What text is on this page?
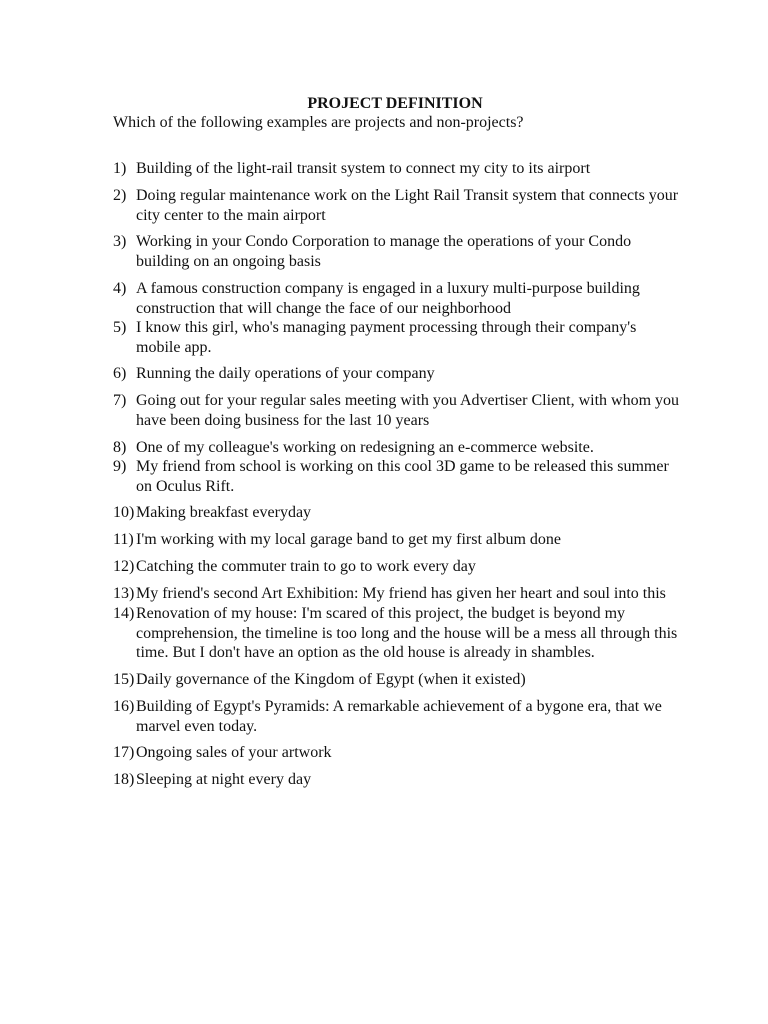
PROJECT DEFINITION
Which of the following examples are projects and non-projects?
1) Building of the light-rail transit system to connect my city to its airport
2) Doing regular maintenance work on the Light Rail Transit system that connects your city center to the main airport
3) Working in your Condo Corporation to manage the operations of your Condo building on an ongoing basis
4) A famous construction company is engaged in a luxury multi-purpose building construction that will change the face of our neighborhood
5) I know this girl, who's managing payment processing through their company's mobile app.
6) Running the daily operations of your company
7) Going out for your regular sales meeting with you Advertiser Client, with whom you have been doing business for the last 10 years
8) One of my colleague's working on redesigning an e-commerce website.
9) My friend from school is working on this cool 3D game to be released this summer on Oculus Rift.
10) Making breakfast everyday
11) I'm working with my local garage band to get my first album done
12) Catching the commuter train to go to work every day
13) My friend's second Art Exhibition: My friend has given her heart and soul into this
14) Renovation of my house: I'm scared of this project, the budget is beyond my comprehension, the timeline is too long and the house will be a mess all through this time. But I don't have an option as the old house is already in shambles.
15) Daily governance of the Kingdom of Egypt (when it existed)
16) Building of Egypt's Pyramids: A remarkable achievement of a bygone era, that we marvel even today.
17) Ongoing sales of your artwork
18) Sleeping at night every day
